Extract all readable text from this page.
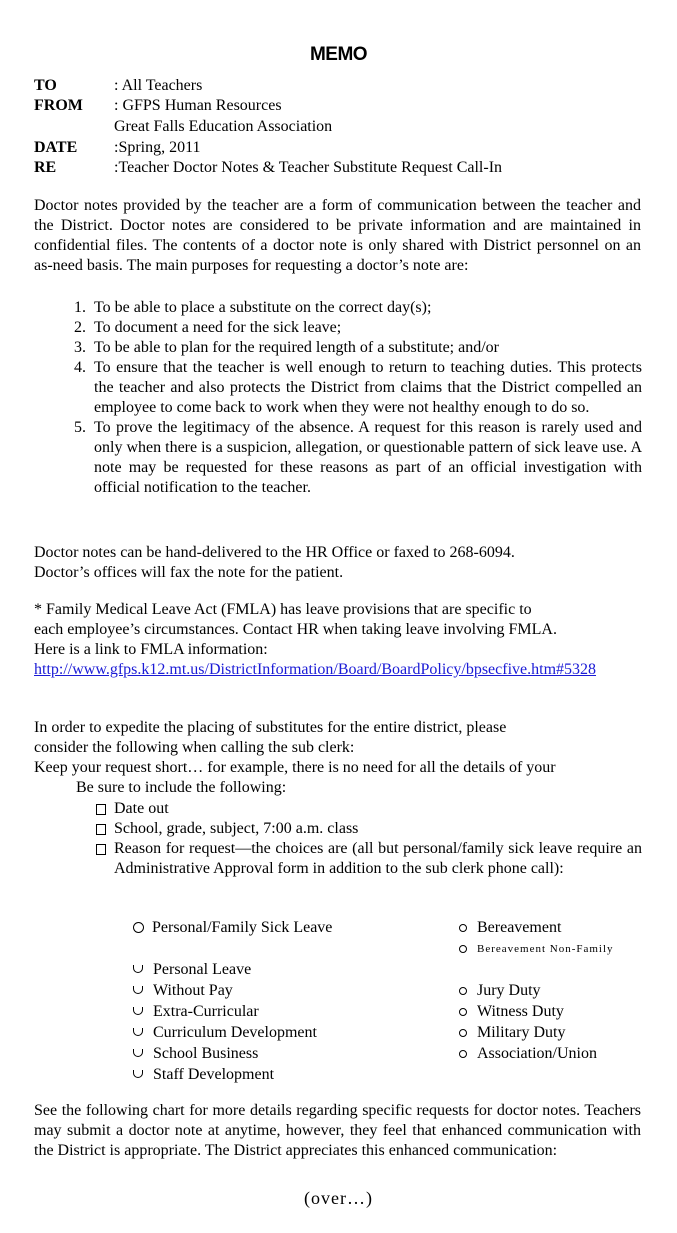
MEMO
TO	: All Teachers
FROM : GFPS Human Resources
Great Falls Education Association
DATE :Spring, 2011
RE	:Teacher Doctor Notes & Teacher Substitute Request Call-In
Doctor notes provided by the teacher are a form of communication between the teacher and the District. Doctor notes are considered to be private information and are maintained in confidential files. The contents of a doctor note is only shared with District personnel on an as-need basis. The main purposes for requesting a doctor’s note are:
1. To be able to place a substitute on the correct day(s);
2. To document a need for the sick leave;
3. To be able to plan for the required length of a substitute; and/or
4. To ensure that the teacher is well enough to return to teaching duties. This protects the teacher and also protects the District from claims that the District compelled an employee to come back to work when they were not healthy enough to do so.
5. To prove the legitimacy of the absence. A request for this reason is rarely used and only when there is a suspicion, allegation, or questionable pattern of sick leave use. A note may be requested for these reasons as part of an official investigation with official notification to the teacher.
Doctor notes can be hand-delivered to the HR Office or faxed to 268-6094.
Doctor’s offices will fax the note for the patient.
* Family Medical Leave Act (FMLA) has leave provisions that are specific to
each employee’s circumstances. Contact HR when taking leave involving FMLA.
Here is a link to FMLA information:
http://www.gfps.k12.mt.us/DistrictInformation/Board/BoardPolicy/bpsecfive.htm#5328
In order to expedite the placing of substitutes for the entire district, please
consider the following when calling the sub clerk:
Keep your request short… for example, there is no need for all the details of your
Be sure to include the following:
Date out
School, grade, subject, 7:00 a.m. class
Reason for request—the choices are (all but personal/family sick leave require an Administrative Approval form in addition to the sub clerk phone call):
Personal/Family Sick Leave
Personal Leave
Without Pay
Extra-Curricular
Curriculum Development
School Business
Staff Development
Bereavement
Bereavement Non-Family
Jury Duty
Witness Duty
Military Duty
Association/Union
See the following chart for more details regarding specific requests for doctor notes. Teachers may submit a doctor note at anytime, however, they feel that enhanced communication with the District is appropriate. The District appreciates this enhanced communication:
(over…)
